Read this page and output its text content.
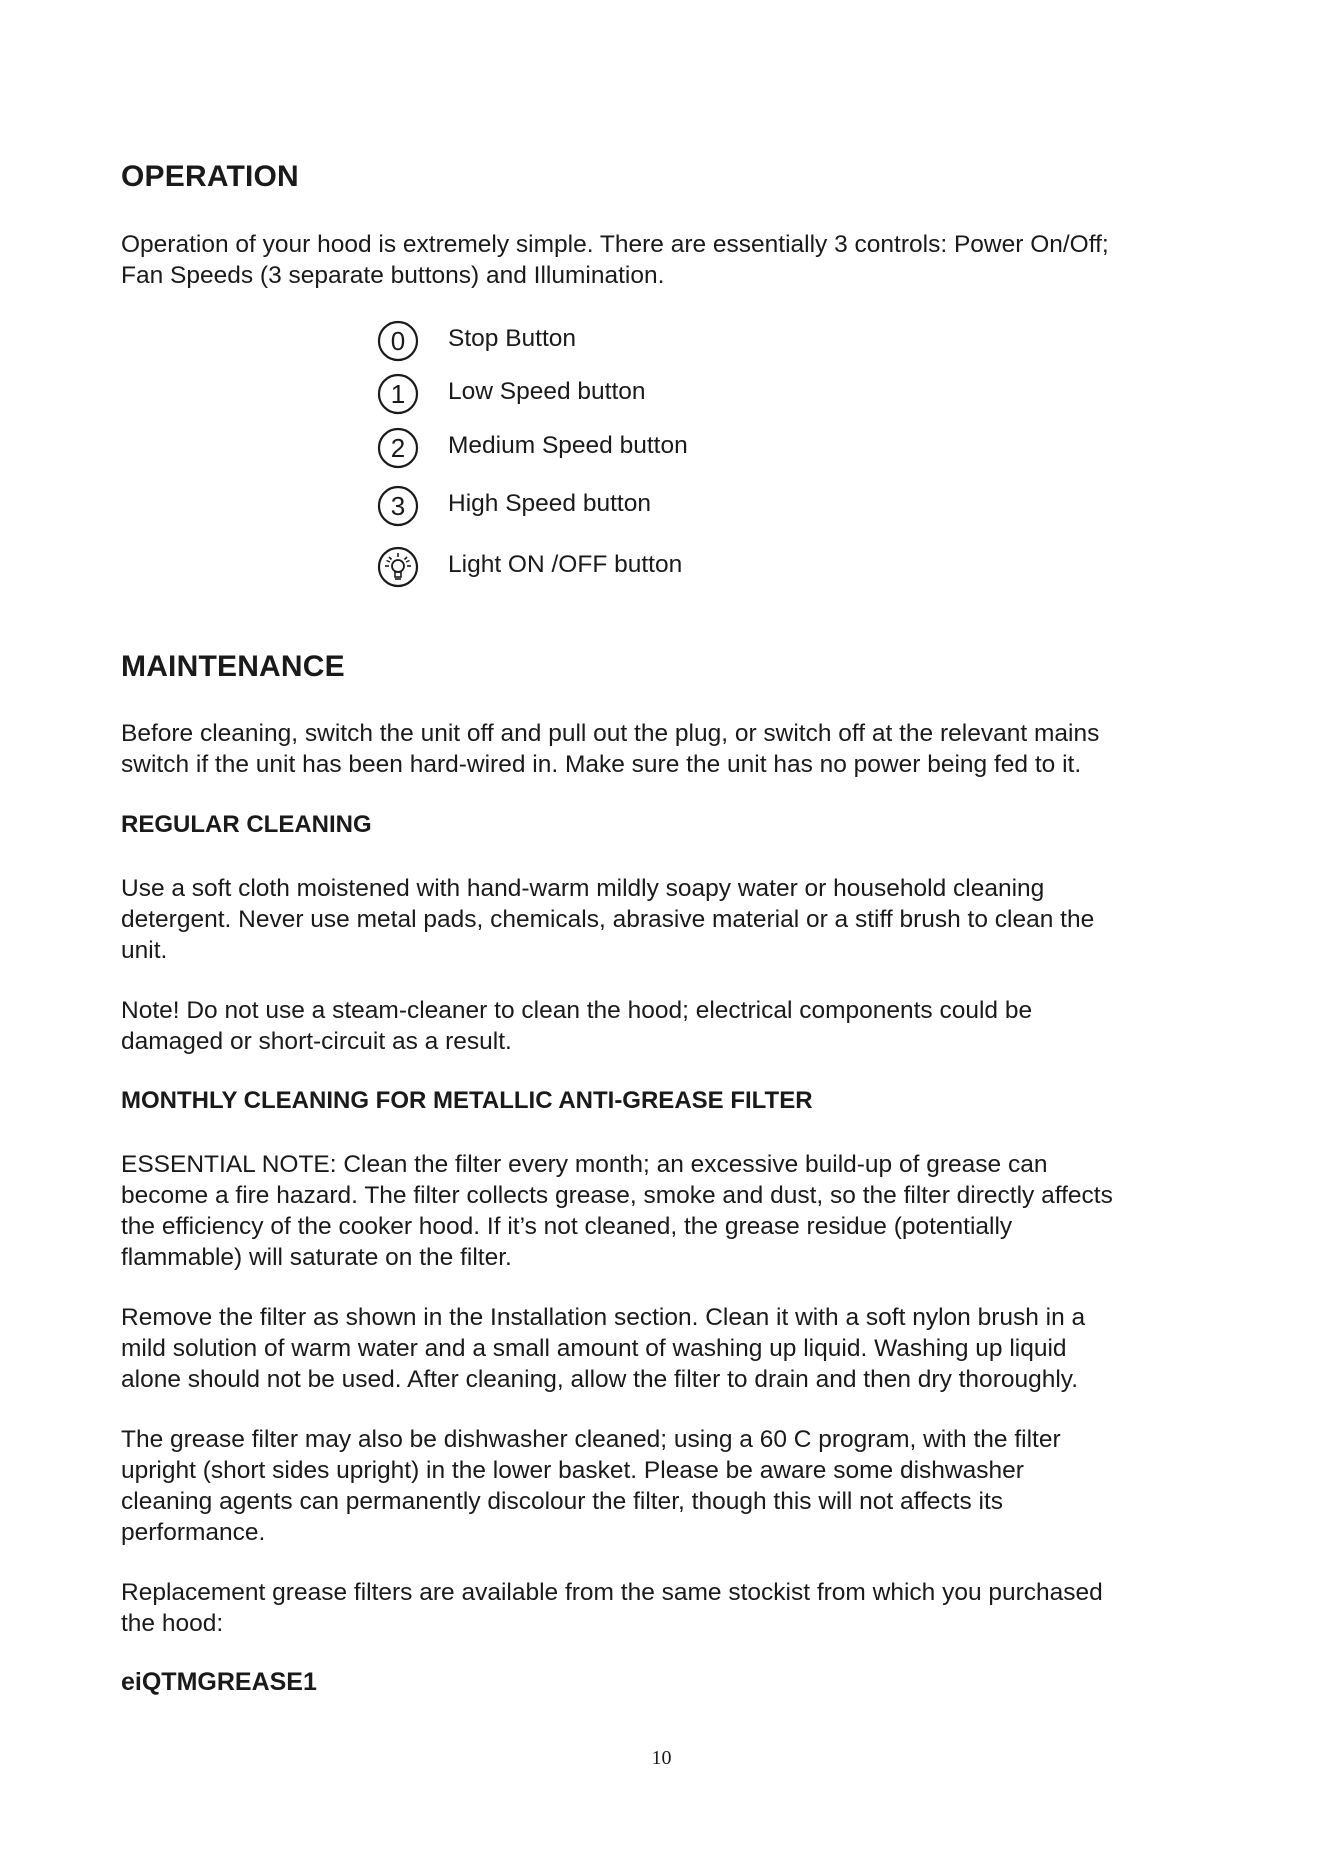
OPERATION

Operation of your hood is extremely simple. There are essentially 3 controls: Power On/Off;
Fan Speeds (3 separate buttons) and Illumination.

0 Stop Button
1 Low Speed button
2 Medium Speed button
3 High Speed button
Light ON /OFF button
MAINTENANCE

Before cleaning, switch the unit off and pull out the plug, or switch off at the relevant mains
switch if the unit has been hard-wired in. Make sure the unit has no power being fed to it.

REGULAR CLEANING

Use a soft cloth moistened with hand-warm mildly soapy water or household cleaning
detergent. Never use metal pads, chemicals, abrasive material or a stiff brush to clean the
unit.

Note! Do not use a steam-cleaner to clean the hood; electrical components could be
damaged or short-circuit as a result.

MONTHLY CLEANING FOR METALLIC ANTI-GREASE FILTER

ESSENTIAL NOTE: Clean the filter every month; an excessive build-up of grease can
become a fire hazard. The filter collects grease, smoke and dust, so the filter directly affects
the efficiency of the cooker hood. If it’s not cleaned, the grease residue (potentially
flammable) will saturate on the filter.

Remove the filter as shown in the Installation section. Clean it with a soft nylon brush in a
mild solution of warm water and a small amount of washing up liquid. Washing up liquid
alone should not be used. After cleaning, allow the filter to drain and then dry thoroughly.

The grease filter may also be dishwasher cleaned; using a 60 C program, with the filter
upright (short sides upright) in the lower basket. Please be aware some dishwasher
cleaning agents can permanently discolour the filter, though this will not affects its
performance.

Replacement grease filters are available from the same stockist from which you purchased
the hood:

eiQTMGREASE1

10
